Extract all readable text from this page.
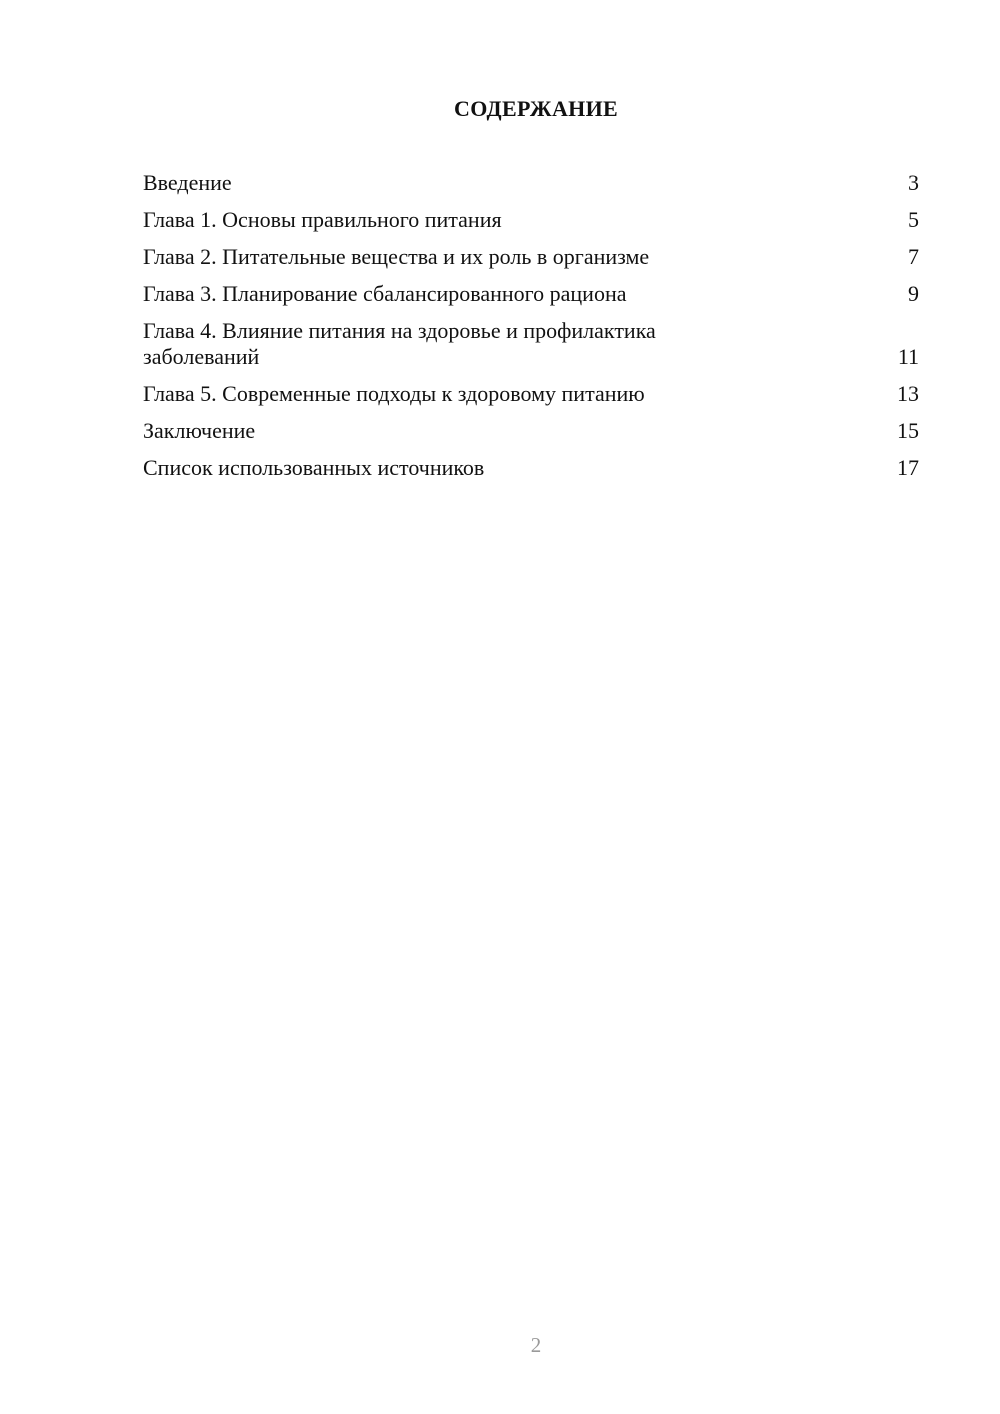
СОДЕРЖАНИЕ
Введение	3
Глава 1. Основы правильного питания	5
Глава 2. Питательные вещества и их роль в организме	7
Глава 3. Планирование сбалансированного рациона	9
Глава 4. Влияние питания на здоровье и профилактика заболеваний	11
Глава 5. Современные подходы к здоровому питанию	13
Заключение	15
Список использованных источников	17
2
